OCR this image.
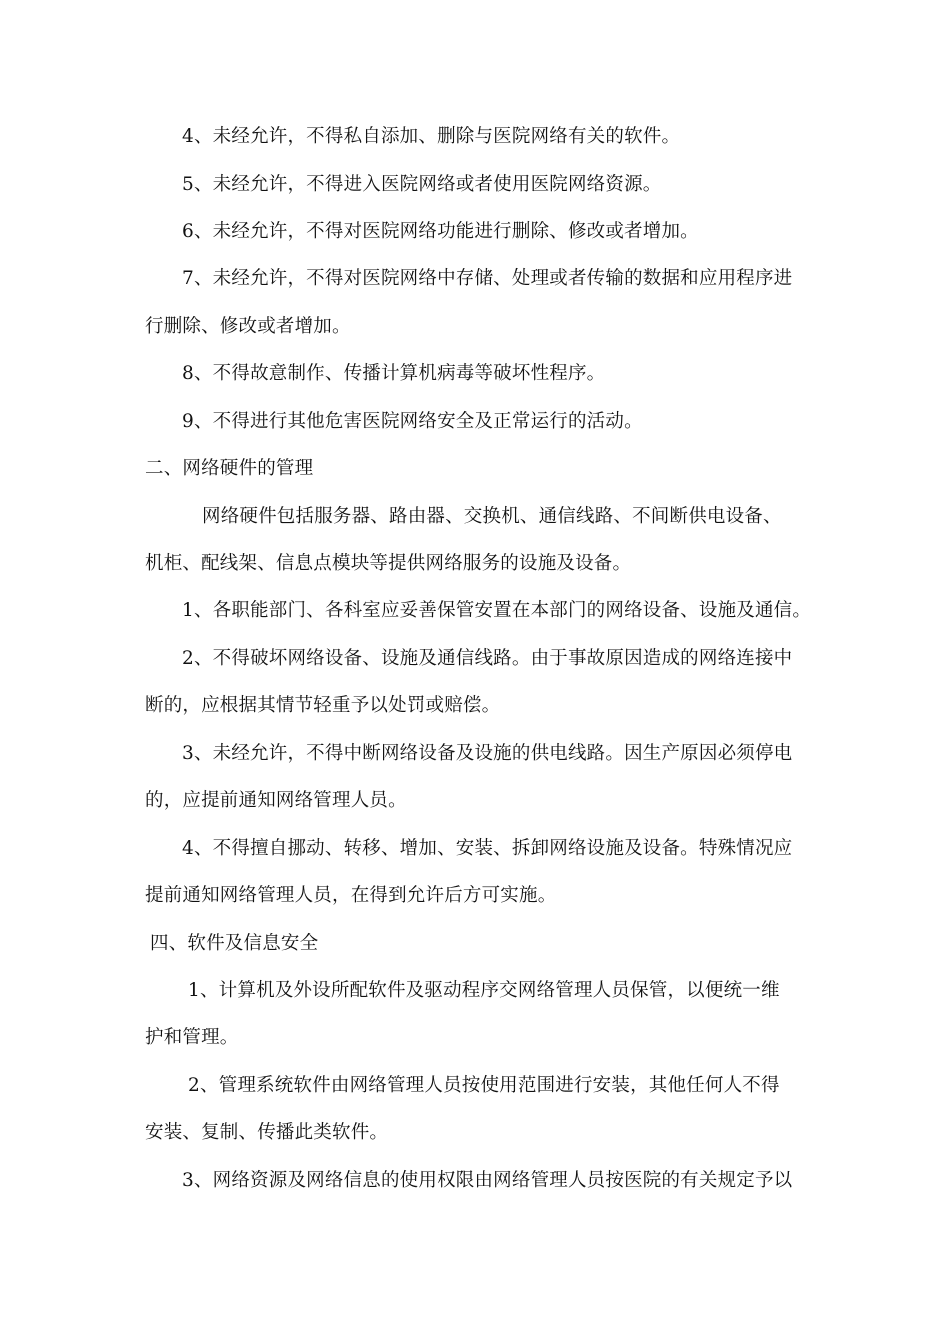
4、未经允许，不得私自添加、删除与医院网络有关的软件。
5、未经允许，不得进入医院网络或者使用医院网络资源。
6、未经允许，不得对医院网络功能进行删除、修改或者增加。
7、未经允许，不得对医院网络中存储、处理或者传输的数据和应用程序进
行删除、修改或者增加。
8、不得故意制作、传播计算机病毒等破坏性程序。
9、不得进行其他危害医院网络安全及正常运行的活动。
二、网络硬件的管理
网络硬件包括服务器、路由器、交换机、通信线路、不间断供电设备、
机柜、配线架、信息点模块等提供网络服务的设施及设备。
1、各职能部门、各科室应妥善保管安置在本部门的网络设备、设施及通信。
2、不得破坏网络设备、设施及通信线路。由于事故原因造成的网络连接中
断的，应根据其情节轻重予以处罚或赔偿。
3、未经允许，不得中断网络设备及设施的供电线路。因生产原因必须停电
的，应提前通知网络管理人员。
4、不得擅自挪动、转移、增加、安装、拆卸网络设施及设备。特殊情况应
提前通知网络管理人员，在得到允许后方可实施。
四、软件及信息安全
1、计算机及外设所配软件及驱动程序交网络管理人员保管，以便统一维
护和管理。
2、管理系统软件由网络管理人员按使用范围进行安装，其他任何人不得
安装、复制、传播此类软件。
3、网络资源及网络信息的使用权限由网络管理人员按医院的有关规定予以
